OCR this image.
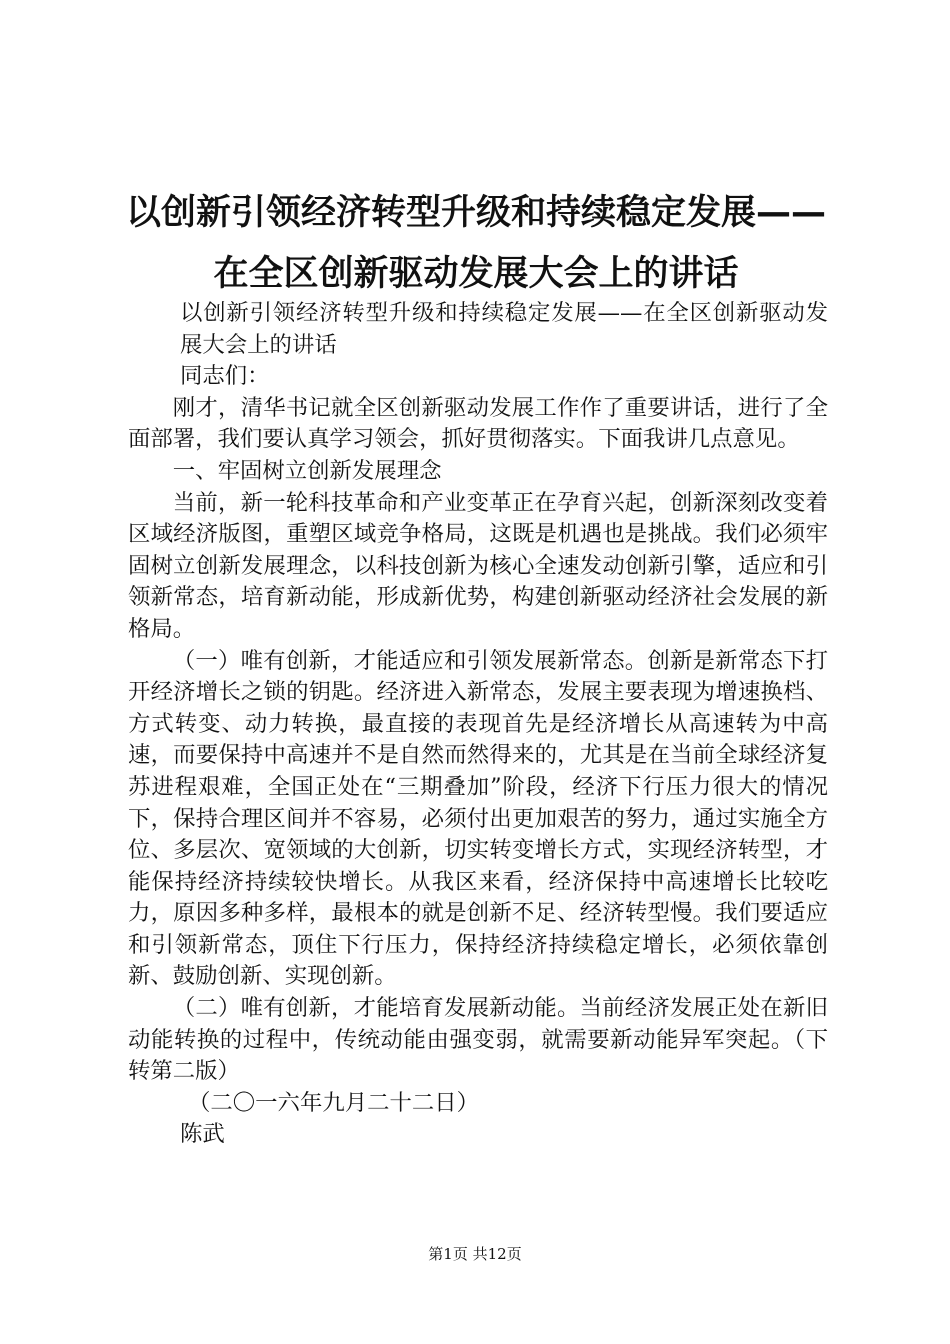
以创新引领经济转型升级和持续稳定发展——
在全区创新驱动发展大会上的讲话

以创新引领经济转型升级和持续稳定发展——在全区创新驱动发展大会上的讲话

同志们：

刚才，清华书记就全区创新驱动发展工作作了重要讲话，进行了全面部署，我们要认真学习领会，抓好贯彻落实。下面我讲几点意见。

一、牢固树立创新发展理念

当前，新一轮科技革命和产业变革正在孕育兴起，创新深刻改变着区域经济版图，重塑区域竞争格局，这既是机遇也是挑战。我们必须牢固树立创新发展理念，以科技创新为核心全速发动创新引擎，适应和引领新常态，培育新动能，形成新优势，构建创新驱动经济社会发展的新格局。

（一）唯有创新，才能适应和引领发展新常态。创新是新常态下打开经济增长之锁的钥匙。经济进入新常态，发展主要表现为增速换档、方式转变、动力转换，最直接的表现首先是经济增长从高速转为中高速，而要保持中高速并不是自然而然得来的，尤其是在当前全球经济复苏进程艰难，全国正处在“三期叠加”阶段，经济下行压力很大的情况下，保持合理区间并不容易，必须付出更加艰苦的努力，通过实施全方位、多层次、宽领域的大创新，切实转变增长方式，实现经济转型，才能保持经济持续较快增长。从我区来看，经济保持中高速增长比较吃力，原因多种多样，最根本的就是创新不足、经济转型慢。我们要适应和引领新常态，顶住下行压力，保持经济持续稳定增长，必须依靠创新、鼓励创新、实现创新。

（二）唯有创新，才能培育发展新动能。当前经济发展正处在新旧动能转换的过程中，传统动能由强变弱，就需要新动能异军突起。（下转第二版）

（二〇一六年九月二十二日）

陈武

第1页 共12页
